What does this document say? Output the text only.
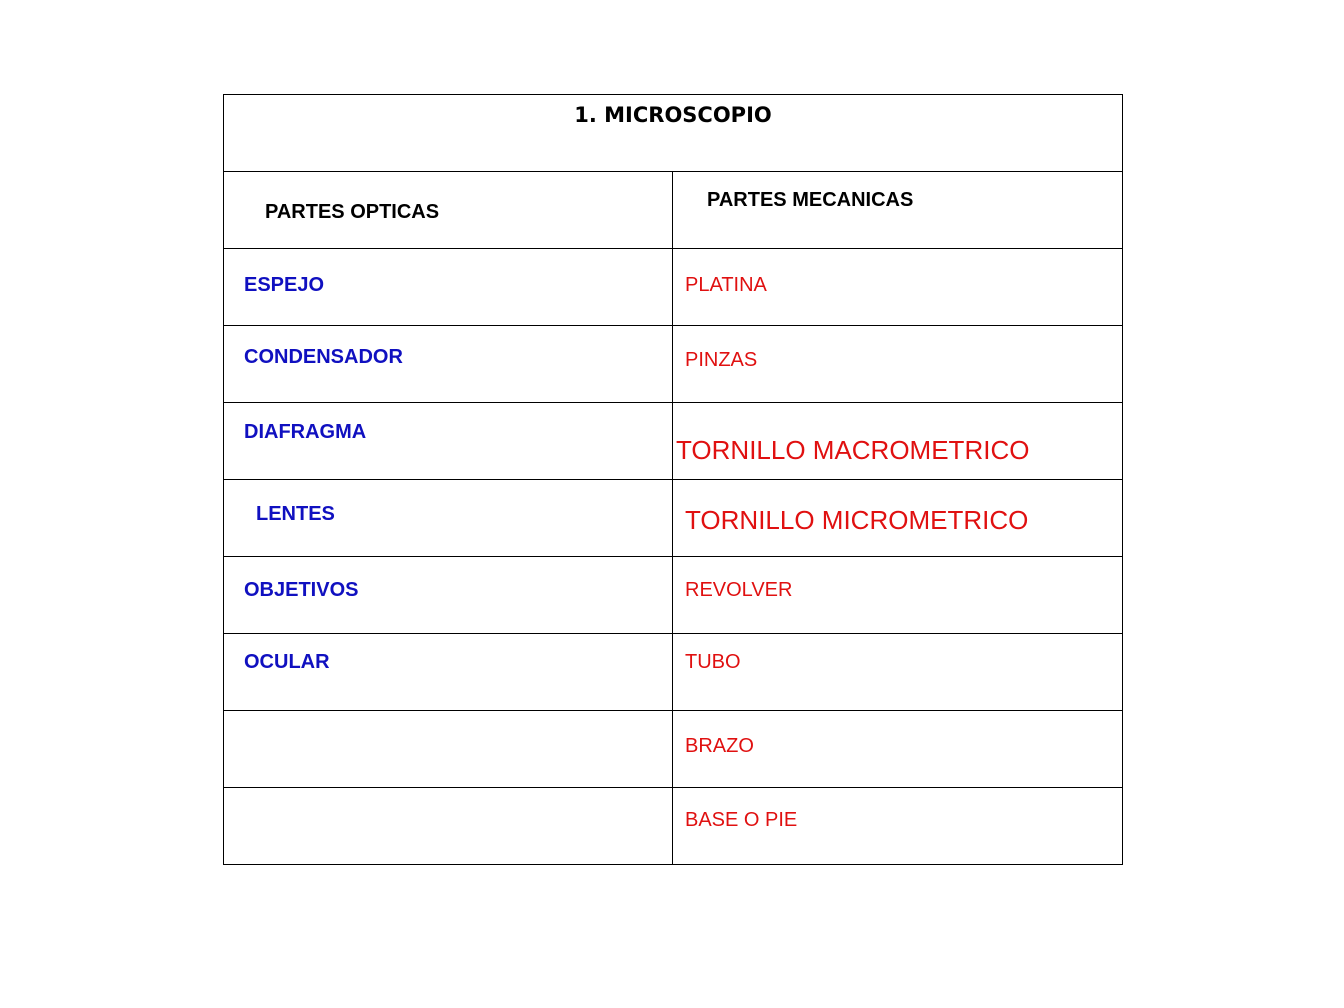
1. MICROSCOPIO	

PARTES OPTICAS	PARTES MECANICAS

ESPEJO	PLATINA

CONDENSADOR	PINZAS

DIAFRAGMA	TORNILLO MACROMETRICO

LENTES	TORNILLO MICROMETRICO

OBJETIVOS	REVOLVER

OCULAR	TUBO

	BRAZO

	BASE O PIE
